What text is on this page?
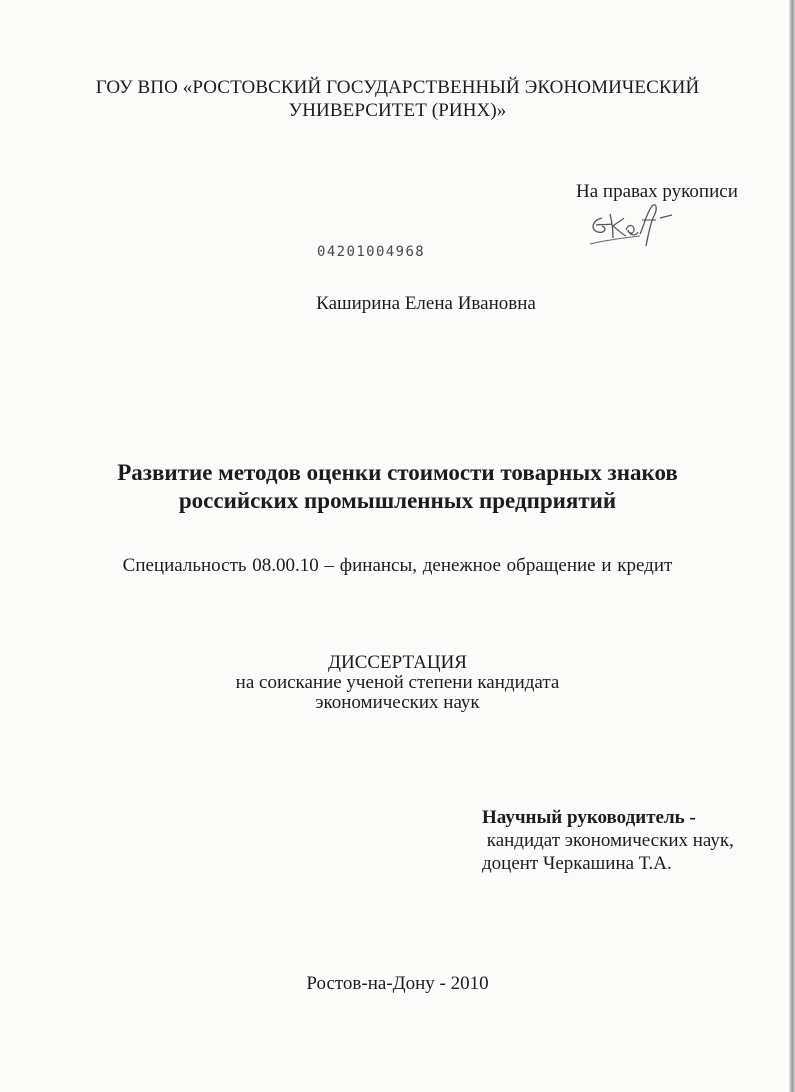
ГОУ ВПО «РОСТОВСКИЙ ГОСУДАРСТВЕННЫЙ ЭКОНОМИЧЕСКИЙ
УНИВЕРСИТЕТ (РИНХ)»
На правах рукописи
04201004968
Каширина Елена Ивановна
Развитие методов оценки стоимости товарных знаков
российских промышленных предприятий
Специальность 08.00.10 – финансы, денежное обращение и кредит
ДИССЕРТАЦИЯ
на соискание ученой степени кандидата
экономических наук
Научный руководитель -
кандидат экономических наук,
доцент Черкашина Т.А.
Ростов-на-Дону - 2010
